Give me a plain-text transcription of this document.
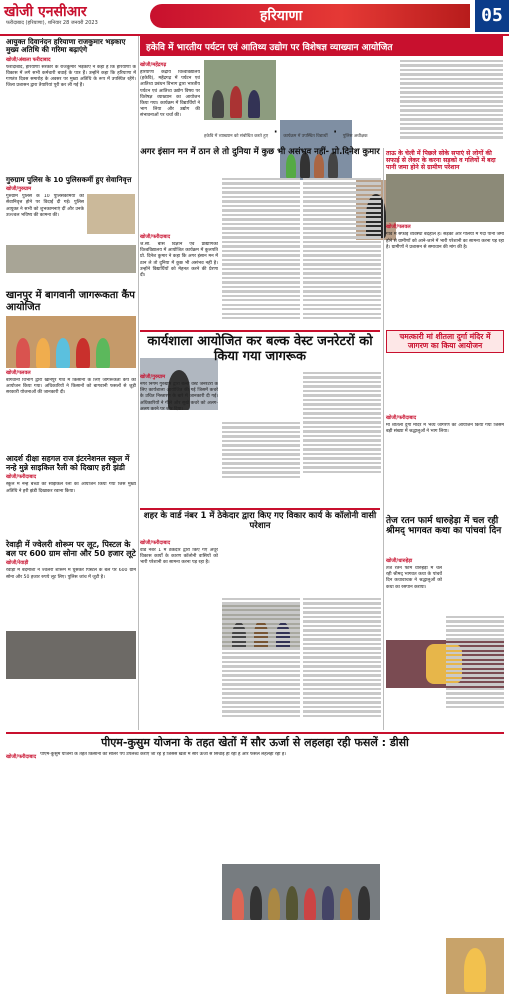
खोजी एनसीआर
फरीदाबाद (हरियाणा), शनिवार 28 जनवरी 2023	हरियाणा	05
आयुक्त दिवानंदन हरियाणा राजकुमार भड़काए मुख्य अतिथि की गरिमा बढ़ाएंगे
खोजी/अंबाला फरीदाबाद
फरीदाबाद, हरियाणा सरकार के राजकुमार भड़काए ने कहा है कि हरियाणा के विकास में लगे सभी कर्मचारी बधाई के पात्र हैं। उन्होंने कहा कि हरियाणा में गणतंत्र दिवस समारोह के अवसर पर मुख्य अतिथि के रूप में उपस्थित रहेंगे। जिला प्रशासन द्वारा तैयारियां पूरी कर ली गई हैं।
हकेवि में भारतीय पर्यटन एवं आतिथ्य उद्योग पर विशेषज्ञ व्याख्यान आयोजित
खोजी/महेंद्रगढ़
हरियाणा केंद्रीय विश्वविद्यालय (हकेवि), महेंद्रगढ़ में पर्यटन एवं आतिथ्य प्रबंधन विभाग द्वारा भारतीय पर्यटन एवं आतिथ्य उद्योग विषय पर विशेषज्ञ व्याख्यान का आयोजन किया गया। कार्यक्रम में विद्यार्थियों ने भाग लिया और उद्योग की संभावनाओं पर चर्चा की।
हकेवि में व्याख्यान को संबोधित करते हुए · कार्यक्रम में उपस्थित विद्यार्थी · पुलिस अधीक्षक
गुरुग्राम पुलिस के 10 पुलिसकर्मी हुए सेवानिवृत्त
खोजी/गुरुग्राम
गुरुग्राम पुलिस के 10 पुलिसकर्मियों को सेवानिवृत्त होने पर विदाई दी गई। पुलिस आयुक्त ने सभी को शुभकामनाएं दीं और उनके उज्ज्वल भविष्य की कामना की।
अगर इंसान मन में ठान ले तो दुनिया में कुछ भी असंभव नहीं- प्रो.दिनेश कुमार
खोजी/फरीदाबाद
जे.सी. बोस विज्ञान एवं प्रौद्योगिकी विश्वविद्यालय में आयोजित कार्यक्रम में कुलपति प्रो. दिनेश कुमार ने कहा कि अगर इंसान मन में ठान ले तो दुनिया में कुछ भी असंभव नहीं है। उन्होंने विद्यार्थियों को मेहनत करने की प्रेरणा दी।
ताऊ के चेली में पिछले सोके सपाएं से लोगों की सफाई से लेकर के करना सड़को व गलियों में बदा पानी जमा होने से ग्रामीण परेशान
खोजी/पलवल
गांव में सफाई व्यवस्था बदहाल है। सड़कों और गलियों में गंदा पानी जमा होने से ग्रामीणों को आने-जाने में भारी परेशानी का सामना करना पड़ रहा है। ग्रामीणों ने प्रशासन से समाधान की मांग की है।
खानपुर में बागवानी जागरूकता कैंप आयोजित
खोजी/पलवल
बागवानी विभाग द्वारा खानपुर गांव में किसानों के लिए जागरूकता कैंप का आयोजन किया गया। अधिकारियों ने किसानों को बागवानी फसलों से जुड़ी सरकारी योजनाओं की जानकारी दी।
कार्यशाला आयोजित कर बल्क वेस्ट जनरेटरों को किया गया जागरूक
खोजी/गुरुग्राम
नगर निगम गुरुग्राम द्वारा बल्क वेस्ट जनरेटरों के लिए कार्यशाला आयोजित की गई जिसमें कचरे के उचित निस्तारण के बारे में जानकारी दी गई। अधिकारियों ने गीले और सूखे कचरे को अलग-अलग करने पर जोर दिया।
चमत्कारी मां शीतला दुर्गा मंदिर में जागरण का किया आयोजन
खोजी/फरीदाबाद
मां शीतला दुर्गा मंदिर में भव्य जागरण का आयोजन किया गया जिसमें बड़ी संख्या में श्रद्धालुओं ने भाग लिया।
आदर्श दीक्षा सहगल राज इंटरनेशनल स्कूल में नन्हे मुन्ने साइकिल रैली को दिखाए हरी झंडी
खोजी/फरीदाबाद
स्कूल में नन्हे बच्चों की साइकिल रैली का आयोजन किया गया जिसे मुख्य अतिथि ने हरी झंडी दिखाकर रवाना किया।
शहर के वार्ड नंबर 1 में ठेकेदार द्वारा किए गए विकार कार्य के कॉलोनी वासी परेशान
खोजी/फरीदाबाद
वार्ड नंबर 1 में ठेकेदार द्वारा किए गए अधूरे विकास कार्यों के कारण कॉलोनी वासियों को भारी परेशानी का सामना करना पड़ रहा है।
रेवाड़ी में ज्वेलरी शोरूम पर लूट, पिस्टल के बल पर 600 ग्राम सोना और 50 हजार लूटे
खोजी/रेवाड़ी
रेवाड़ी में बदमाशों ने ज्वेलरी शोरूम में घुसकर पिस्टल के बल पर 600 ग्राम सोना और 50 हजार रुपये लूट लिए। पुलिस जांच में जुटी है।
तेज रतन फार्म धारुहेड़ा में चल रही श्रीमद् भागवत कथा का पांचवां दिन
खोजी/धारुहेड़ा
तेज रतन फार्म धारुहेड़ा में चल रही श्रीमद् भागवत कथा के पांचवें दिन कथावाचक ने श्रद्धालुओं को कथा का रसपान कराया।
पीएम-कुसुम योजना के तहत खेतों में सौर ऊर्जा से लहलहा रही फसलें : डीसी
खोजी/फरीदाबाद पीएम-कुसुम योजना के तहत किसानों को सोलर पंप उपलब्ध कराए जा रहे हैं जिससे खेतों में सौर ऊर्जा से सिंचाई हो रही है और फसलें लहलहा रही हैं।
